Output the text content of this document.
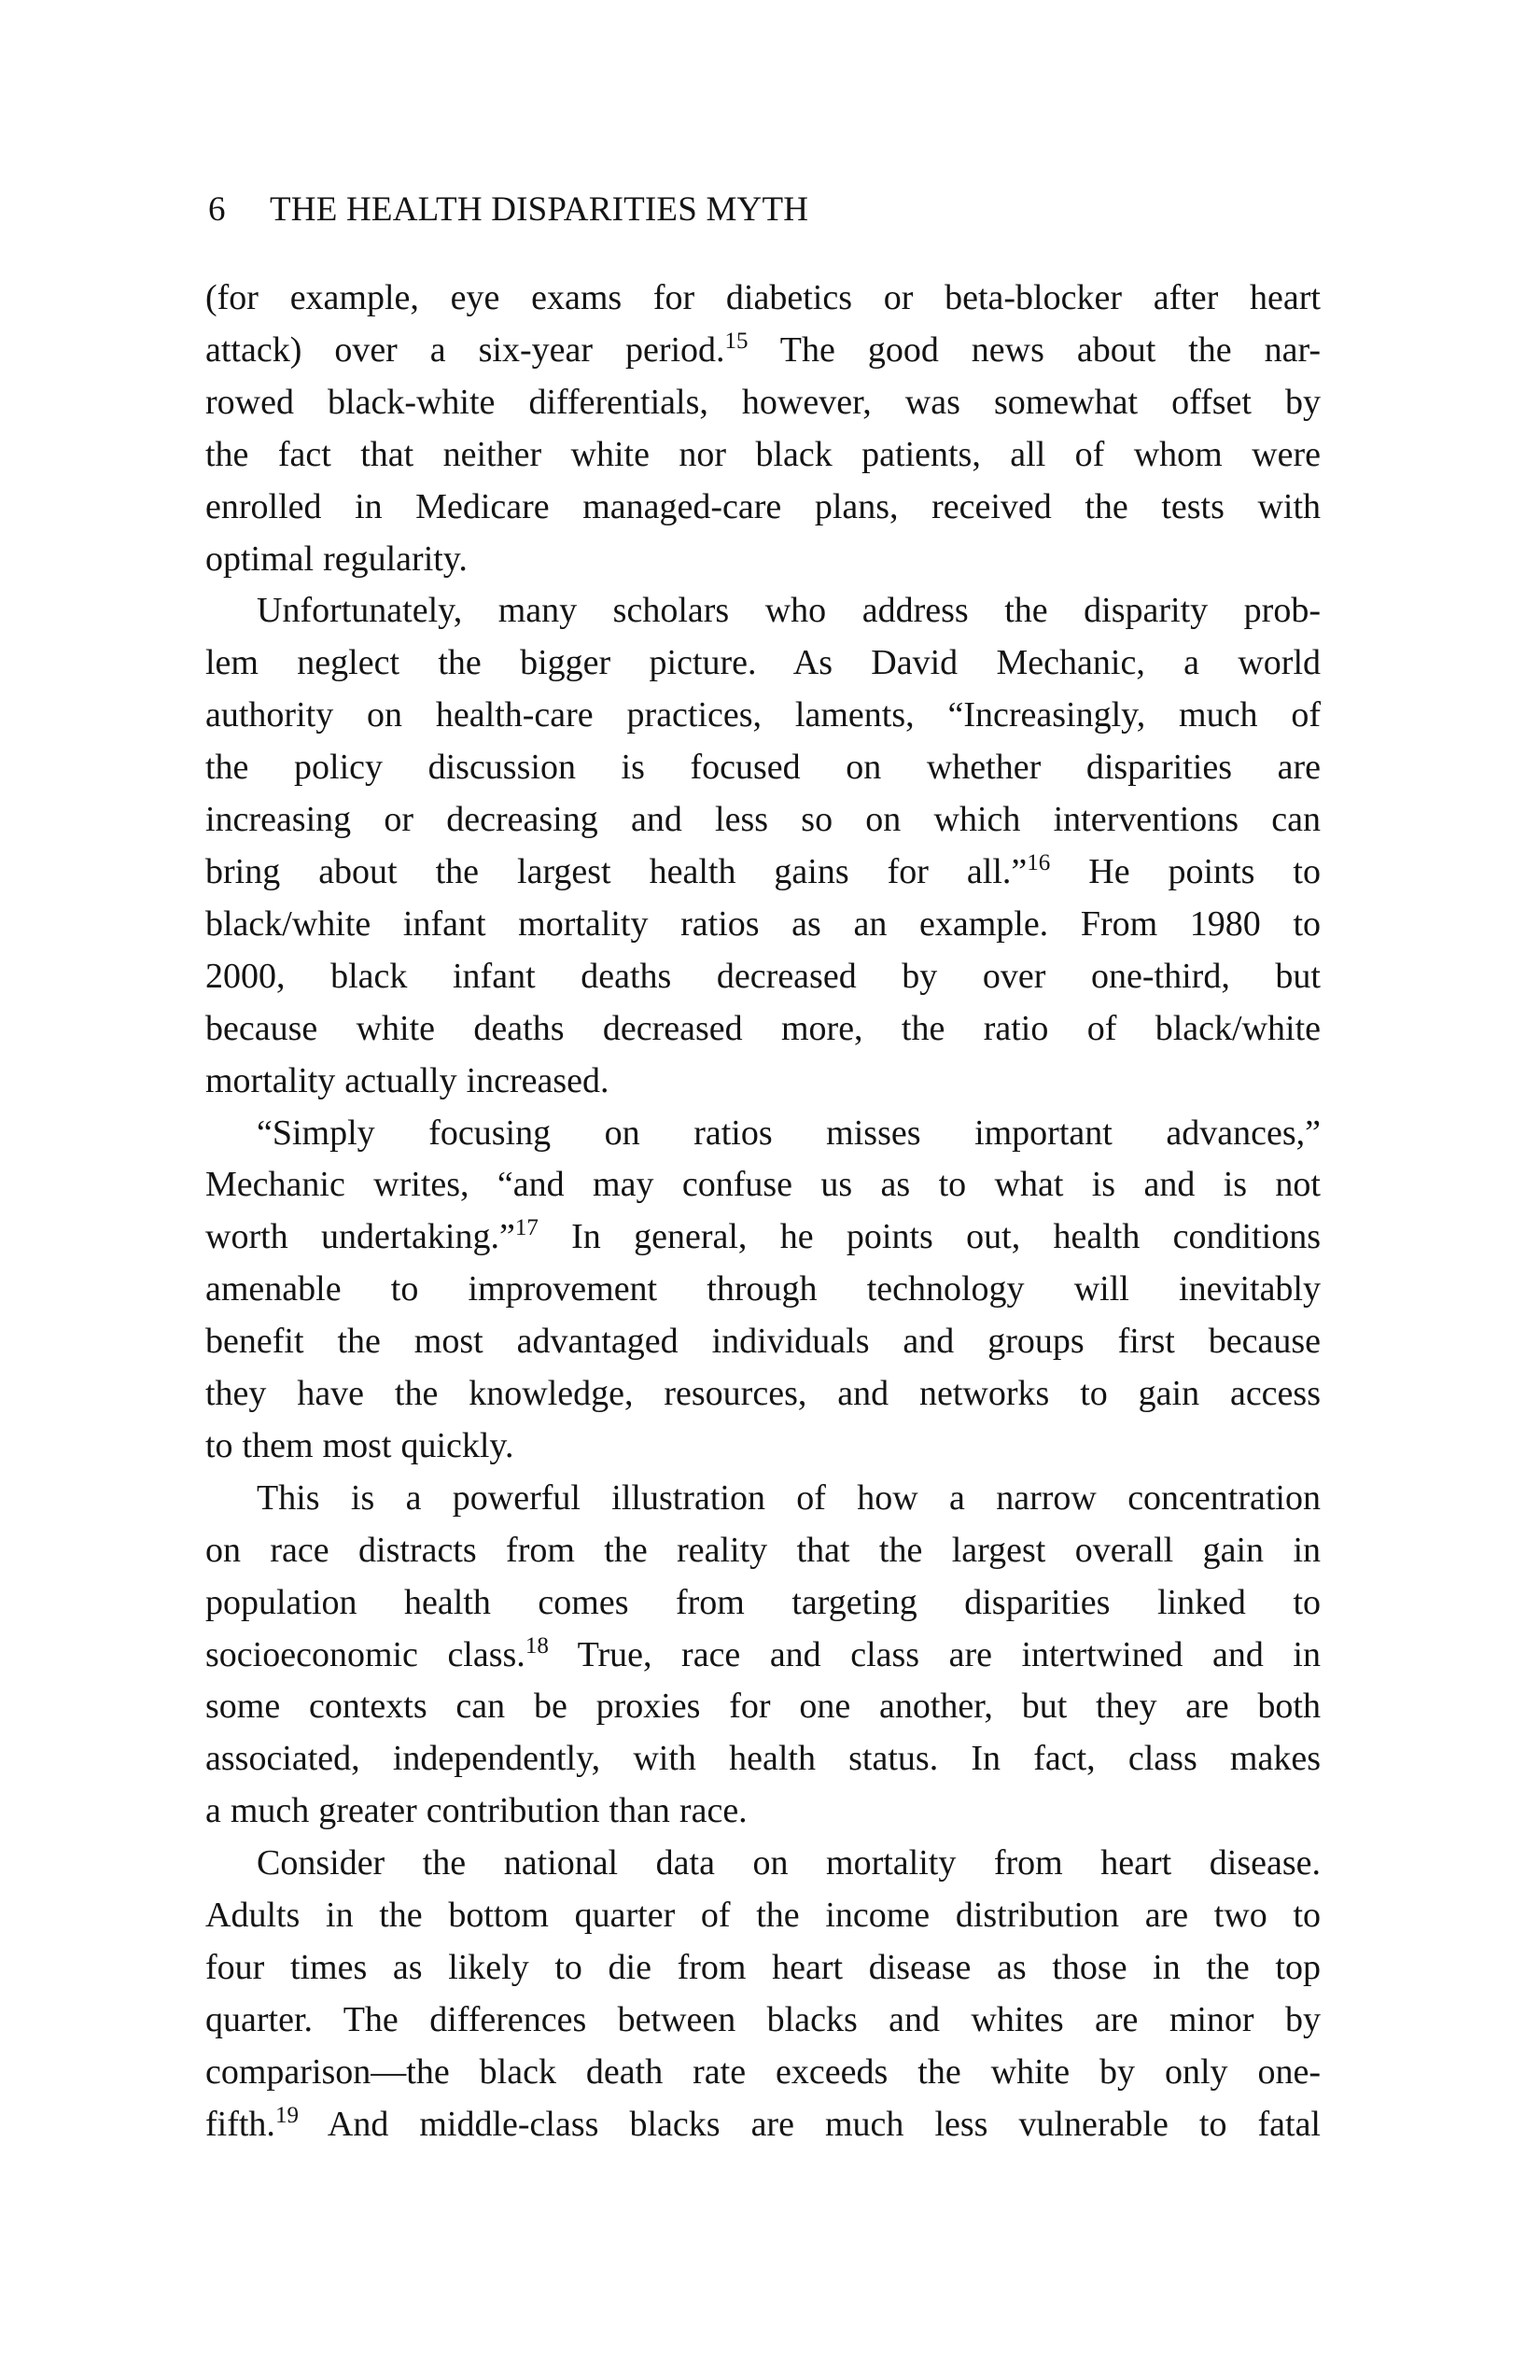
6 THE HEALTH DISPARITIES MYTH

(for example, eye exams for diabetics or beta-blocker after heart
attack) over a six-year period.$^{15}$ The good news about the nar-
rowed black-white differentials, however, was somewhat offset by
the fact that neither white nor black patients, all of whom were
enrolled in Medicare managed-care plans, received the tests with
optimal regularity.

Unfortunately, many scholars who address the disparity prob-
lem neglect the bigger picture. As David Mechanic, a world
authority on health-care practices, laments, “Increasingly, much of
the policy discussion is focused on whether disparities are
increasing or decreasing and less so on which interventions can
bring about the largest health gains for all.”$^{16}$ He points to
black/white infant mortality ratios as an example. From 1980 to
2000, black infant deaths decreased by over one-third, but
because white deaths decreased more, the ratio of black/white
mortality actually increased.

“Simply focusing on ratios misses important advances,”
Mechanic writes, “and may confuse us as to what is and is not
worth undertaking.”$^{17}$ In general, he points out, health conditions
amenable to improvement through technology will inevitably
benefit the most advantaged individuals and groups first because
they have the knowledge, resources, and networks to gain access
to them most quickly.

This is a powerful illustration of how a narrow concentration
on race distracts from the reality that the largest overall gain in
population health comes from targeting disparities linked to
socioeconomic class.$^{18}$ True, race and class are intertwined and in
some contexts can be proxies for one another, but they are both
associated, independently, with health status. In fact, class makes
a much greater contribution than race.

Consider the national data on mortality from heart disease.
Adults in the bottom quarter of the income distribution are two to
four times as likely to die from heart disease as those in the top
quarter. The differences between blacks and whites are minor by
comparison—the black death rate exceeds the white by only one-
fifth.$^{19}$ And middle-class blacks are much less vulnerable to fatal
